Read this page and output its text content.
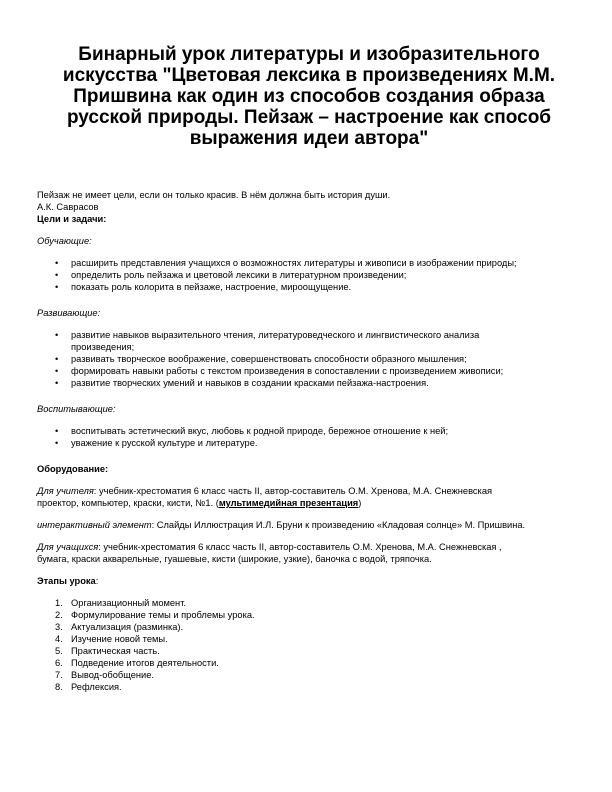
Бинарный урок литературы и изобразительного
искусства "Цветовая лексика в произведениях М.М.
Пришвина как один из способов создания образа
русской природы. Пейзаж – настроение как способ
выражения идеи автора"

Пейзаж не имеет цели, если он только красив. В нём должна быть история души.

А.К. Саврасов

Цели и задачи:

Обучающие:

• расширить представления учащихся о возможностях литературы и живописи в изображении природы;
• определить роль пейзажа и цветовой лексики в литературном произведении;
• показать роль колорита в пейзаже, настроение, мироощущение.

Развивающие:

• развитие навыков выразительного чтения, литературоведческого и лингвистического анализа
произведения;
• развивать творческое воображение, совершенствовать способности образного мышления;
• формировать навыки работы с текстом произведения в сопоставлении с произведением живописи;
• развитие творческих умений и навыков в создании красками пейзажа-настроения.

Воспитывающие:

• воспитывать эстетический вкус, любовь к родной природе, бережное отношение к ней;
• уважение к русской культуре и литературе.

Оборудование:

Для учителя: учебник-хрестоматия 6 класс часть II, автор-составитель О.М. Хренова, М.А. Снежневская

проектор, компьютер, краски, кисти, №1. (мультимедийная презентация)

интерактивный элемент: Слайды Иллюстрация И.Л. Бруни к произведению «Кладовая солнце» М. Пришвина.

Для учащихся: учебник-хрестоматия 6 класс часть II, автор-составитель О.М. Хренова, М.А. Снежневская ,

бумага, краски акварельные, гуашевые, кисти (широкие, узкие), баночка с водой, тряпочка.

Этапы урока:

1. Организационный момент.
2. Формулирование темы и проблемы урока.
3. Актуализация (разминка).
4. Изучение новой темы.
5. Практическая часть.
6. Подведение итогов деятельности.
7. Вывод-обобщение.
8. Рефлексия.
